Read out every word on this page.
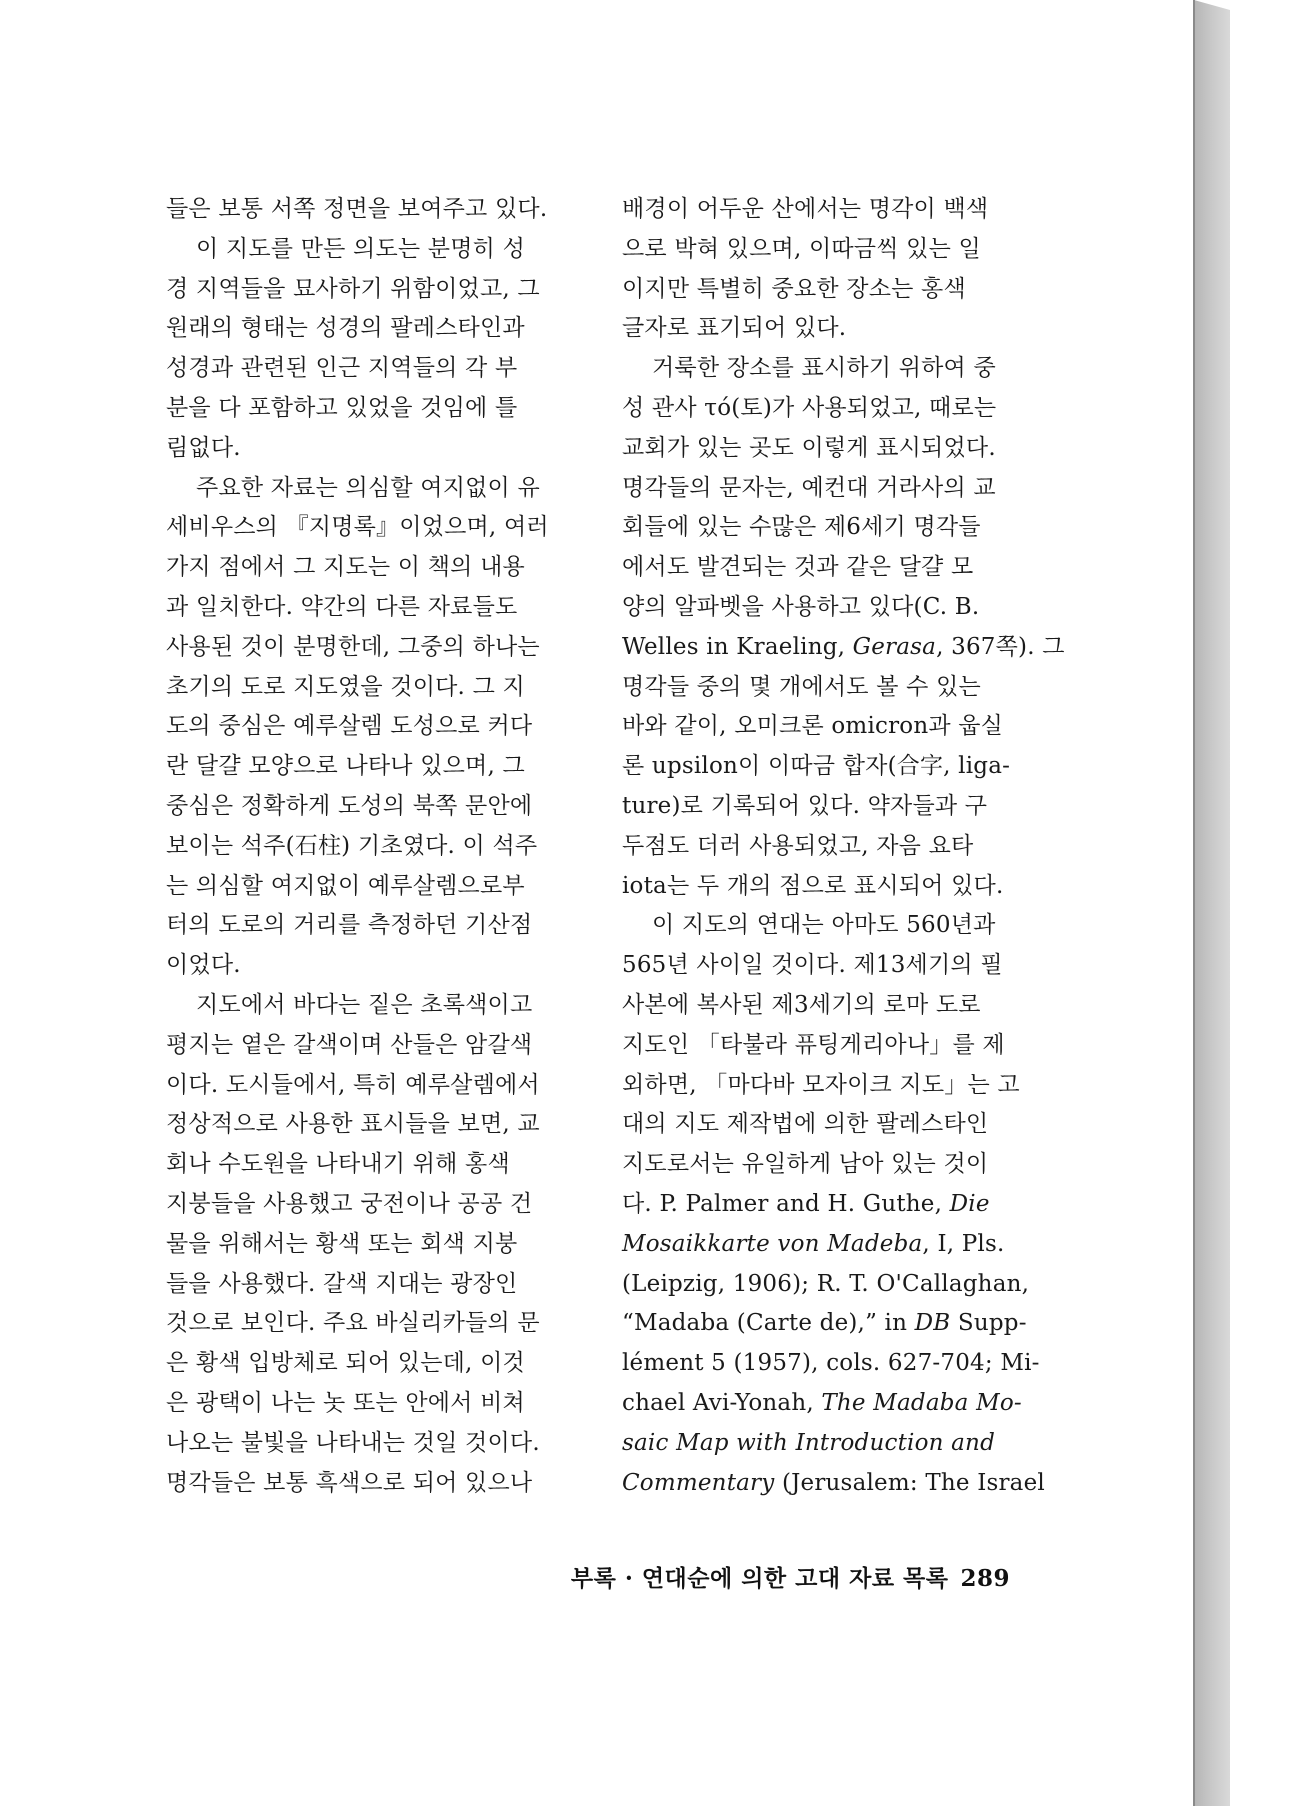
들은 보통 서쪽 정면을 보여주고 있다.
이 지도를 만든 의도는 분명히 성
경 지역들을 묘사하기 위함이었고, 그
원래의 형태는 성경의 팔레스타인과
성경과 관련된 인근 지역들의 각 부
분을 다 포함하고 있었을 것임에 틀
림없다.
주요한 자료는 의심할 여지없이 유
세비우스의 『지명록』이었으며, 여러
가지 점에서 그 지도는 이 책의 내용
과 일치한다. 약간의 다른 자료들도
사용된 것이 분명한데, 그중의 하나는
초기의 도로 지도였을 것이다. 그 지
도의 중심은 예루살렘 도성으로 커다
란 달걀 모양으로 나타나 있으며, 그
중심은 정확하게 도성의 북쪽 문안에
보이는 석주(石柱) 기초였다. 이 석주
는 의심할 여지없이 예루살렘으로부
터의 도로의 거리를 측정하던 기산점
이었다.
지도에서 바다는 짙은 초록색이고
평지는 옅은 갈색이며 산들은 암갈색
이다. 도시들에서, 특히 예루살렘에서
정상적으로 사용한 표시들을 보면, 교
회나 수도원을 나타내기 위해 홍색
지붕들을 사용했고 궁전이나 공공 건
물을 위해서는 황색 또는 회색 지붕
들을 사용했다. 갈색 지대는 광장인
것으로 보인다. 주요 바실리카들의 문
은 황색 입방체로 되어 있는데, 이것
은 광택이 나는 놋 또는 안에서 비쳐
나오는 불빛을 나타내는 것일 것이다.
명각들은 보통 흑색으로 되어 있으나
배경이 어두운 산에서는 명각이 백색
으로 박혀 있으며, 이따금씩 있는 일
이지만 특별히 중요한 장소는 홍색
글자로 표기되어 있다.
거룩한 장소를 표시하기 위하여 중
성 관사 τό(토)가 사용되었고, 때로는
교회가 있는 곳도 이렇게 표시되었다.
명각들의 문자는, 예컨대 거라사의 교
회들에 있는 수많은 제6세기 명각들
에서도 발견되는 것과 같은 달걀 모
양의 알파벳을 사용하고 있다(C. B.
Welles in Kraeling, Gerasa, 367쪽). 그
명각들 중의 몇 개에서도 볼 수 있는
바와 같이, 오미크론 omicron과 웁실
론 upsilon이 이따금 합자(合字, liga-
ture)로 기록되어 있다. 약자들과 구
두점도 더러 사용되었고, 자음 요타
iota는 두 개의 점으로 표시되어 있다.
이 지도의 연대는 아마도 560년과
565년 사이일 것이다. 제13세기의 필
사본에 복사된 제3세기의 로마 도로
지도인 「타불라 퓨팅게리아나」를 제
외하면, 「마다바 모자이크 지도」는 고
대의 지도 제작법에 의한 팔레스타인
지도로서는 유일하게 남아 있는 것이
다. P. Palmer and H. Guthe, Die
Mosaikkarte von Madeba, Ⅰ, Pls.
(Leipzig, 1906); R. T. O'Callaghan,
“Madaba (Carte de),” in DB Supp-
lément 5 (1957), cols. 627-704; Mi-
chael Avi-Yonah, The Madaba Mo-
saic Map with Introduction and
Commentary (Jerusalem: The Israel
부록 · 연대순에 의한 고대 자료 목록 289
